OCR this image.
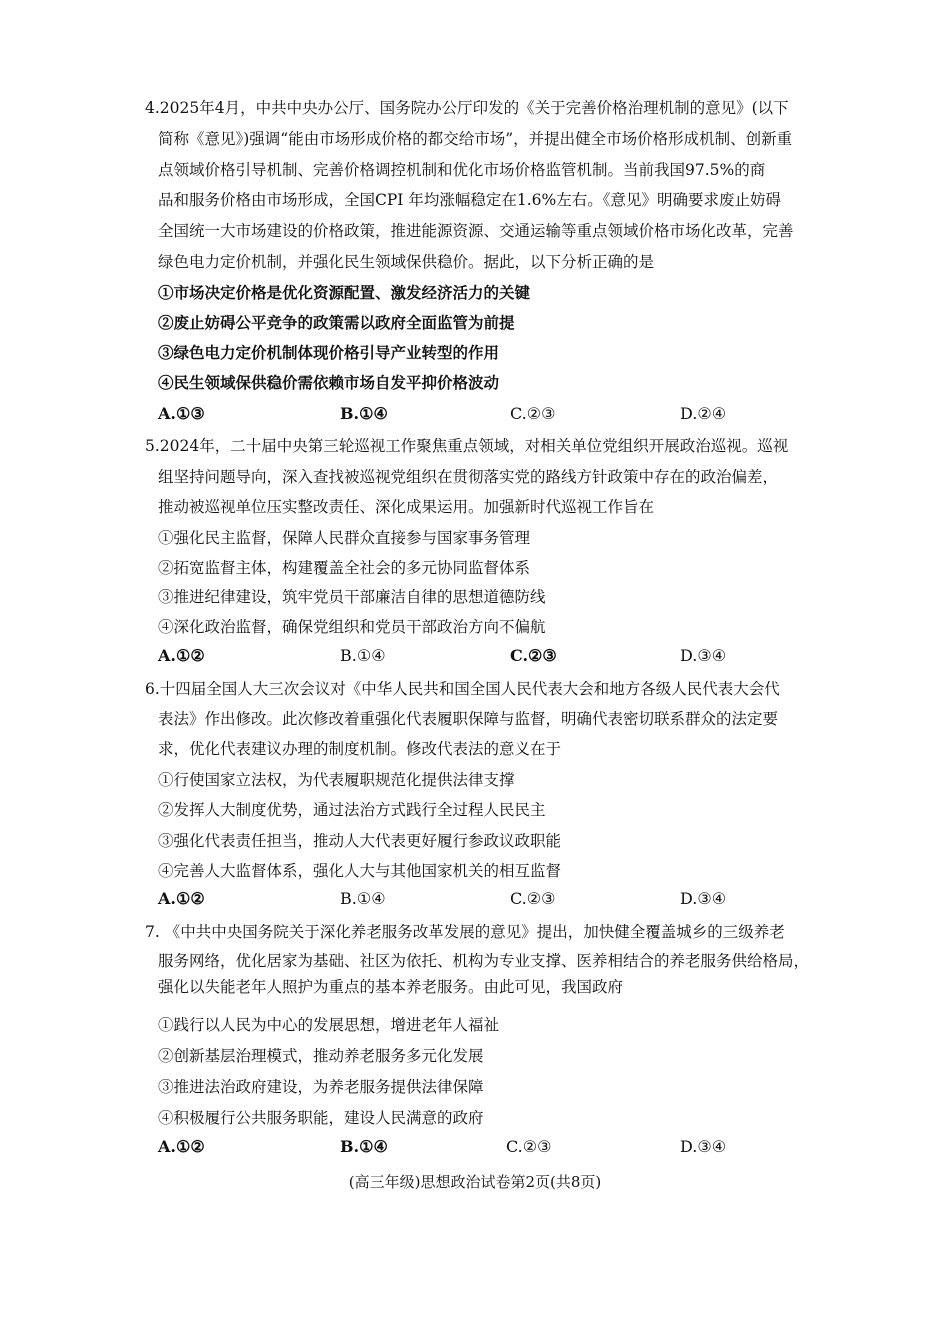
4.2025年4月，中共中央办公厅、国务院办公厅印发的《关于完善价格治理机制的意见》(以下
简称《意见》)强调“能由市场形成价格的都交给市场”，并提出健全市场价格形成机制、创新重
点领域价格引导机制、完善价格调控机制和优化市场价格监管机制。当前我国97.5%的商
品和服务价格由市场形成，全国CPI 年均涨幅稳定在1.6%左右。《意见》明确要求废止妨碍
全国统一大市场建设的价格政策，推进能源资源、交通运输等重点领域价格市场化改革，完善
绿色电力定价机制，并强化民生领域保供稳价。据此，以下分析正确的是
①市场决定价格是优化资源配置、激发经济活力的关键
②废止妨碍公平竞争的政策需以政府全面监管为前提
③绿色电力定价机制体现价格引导产业转型的作用
④民生领域保供稳价需依赖市场自发平抑价格波动
A.①③	B.①④	C.②③	D.②④
5.2024年，二十届中央第三轮巡视工作聚焦重点领域，对相关单位党组织开展政治巡视。巡视
组坚持问题导向，深入查找被巡视党组织在贯彻落实党的路线方针政策中存在的政治偏差，
推动被巡视单位压实整改责任、深化成果运用。加强新时代巡视工作旨在
①强化民主监督，保障人民群众直接参与国家事务管理
②拓宽监督主体，构建覆盖全社会的多元协同监督体系
③推进纪律建设，筑牢党员干部廉洁自律的思想道德防线
④深化政治监督，确保党组织和党员干部政治方向不偏航
A.①②	B.①④	C.②③	D.③④
6.十四届全国人大三次会议对《中华人民共和国全国人民代表大会和地方各级人民代表大会代
表法》作出修改。此次修改着重强化代表履职保障与监督，明确代表密切联系群众的法定要
求，优化代表建议办理的制度机制。修改代表法的意义在于
①行使国家立法权，为代表履职规范化提供法律支撑
②发挥人大制度优势，通过法治方式践行全过程人民民主
③强化代表责任担当，推动人大代表更好履行参政议政职能
④完善人大监督体系，强化人大与其他国家机关的相互监督
A.①②	B.①④	C.②③	D.③④
7. 《中共中央国务院关于深化养老服务改革发展的意见》提出，加快健全覆盖城乡的三级养老
服务网络，优化居家为基础、社区为依托、机构为专业支撑、医养相结合的养老服务供给格局，
强化以失能老年人照护为重点的基本养老服务。由此可见，我国政府
①践行以人民为中心的发展思想，增进老年人福祉
②创新基层治理模式，推动养老服务多元化发展
③推进法治政府建设，为养老服务提供法律保障
④积极履行公共服务职能，建设人民满意的政府
A.①②	B.①④	C.②③	D.③④
(高三年级)思想政治试卷第2页(共8页)
